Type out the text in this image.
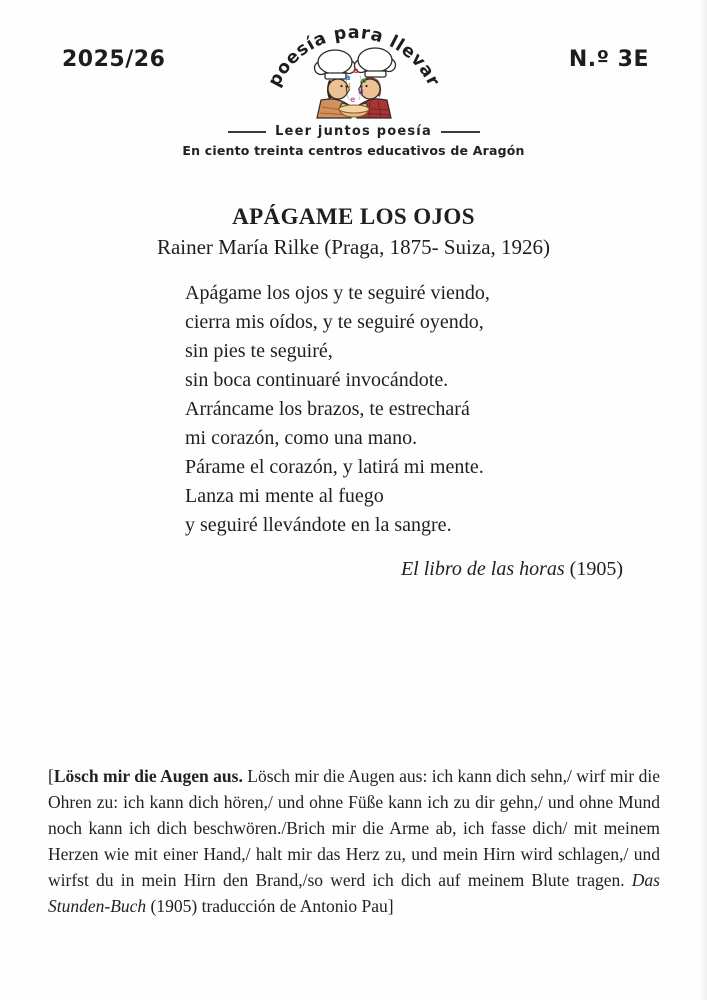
2025/26	N.º 3E
poesía para llevar
a
e
o
i
u
e
Leer juntos poesía
En ciento treinta centros educativos de Aragón
APÁGAME LOS OJOS
Rainer María Rilke (Praga, 1875- Suiza, 1926)
Apágame los ojos y te seguiré viendo,
cierra mis oídos, y te seguiré oyendo,
sin pies te seguiré,
sin boca continuaré invocándote.
Arráncame los brazos, te estrechará
mi corazón, como una mano.
Párame el corazón, y latirá mi mente.
Lanza mi mente al fuego
y seguiré llevándote en la sangre.
El libro de las horas (1905)

[Lösch mir die Augen aus. Lösch mir die Augen aus: ich kann dich sehn,/ wirf mir die Ohren zu: ich kann dich hören,/ und ohne Füße kann ich zu dir gehn,/ und ohne Mund noch kann ich dich beschwören./Brich mir die Arme ab, ich fasse dich/ mit meinem Herzen wie mit einer Hand,/ halt mir das Herz zu, und mein Hirn wird schlagen,/ und wirfst du in mein Hirn den Brand,/so werd ich dich auf meinem Blute tragen. Das Stunden-Buch (1905) traducción de Antonio Pau]
